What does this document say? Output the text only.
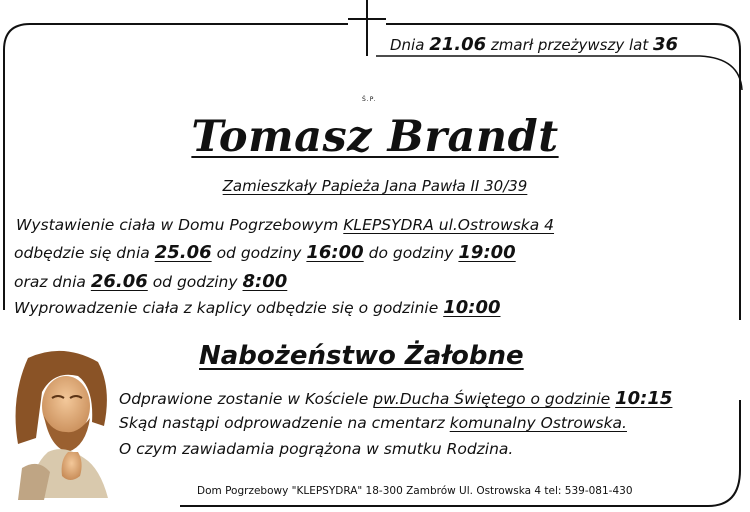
Dnia 21.06 zmarł przeżywszy lat 36
Ś.P.
Tomasz Brandt
Zamieszkały Papieża Jana Pawła II 30/39
Wystawienie ciała w Domu Pogrzebowym KLEPSYDRA ul.Ostrowska 4
odbędzie się dnia 25.06 od godziny 16:00 do godziny 19:00
oraz dnia 26.06 od godziny 8:00
Wyprowadzenie ciała z kaplicy odbędzie się o godzinie 10:00
Nabożeństwo Żałobne
Odprawione zostanie w Kościele pw.Ducha Świętego o godzinie 10:15
Skąd nastąpi odprowadzenie na cmentarz komunalny Ostrowska.
O czym zawiadamia pogrążona w smutku Rodzina.
Dom Pogrzebowy "KLEPSYDRA" 18-300 Zambrów Ul. Ostrowska 4 tel: 539-081-430
